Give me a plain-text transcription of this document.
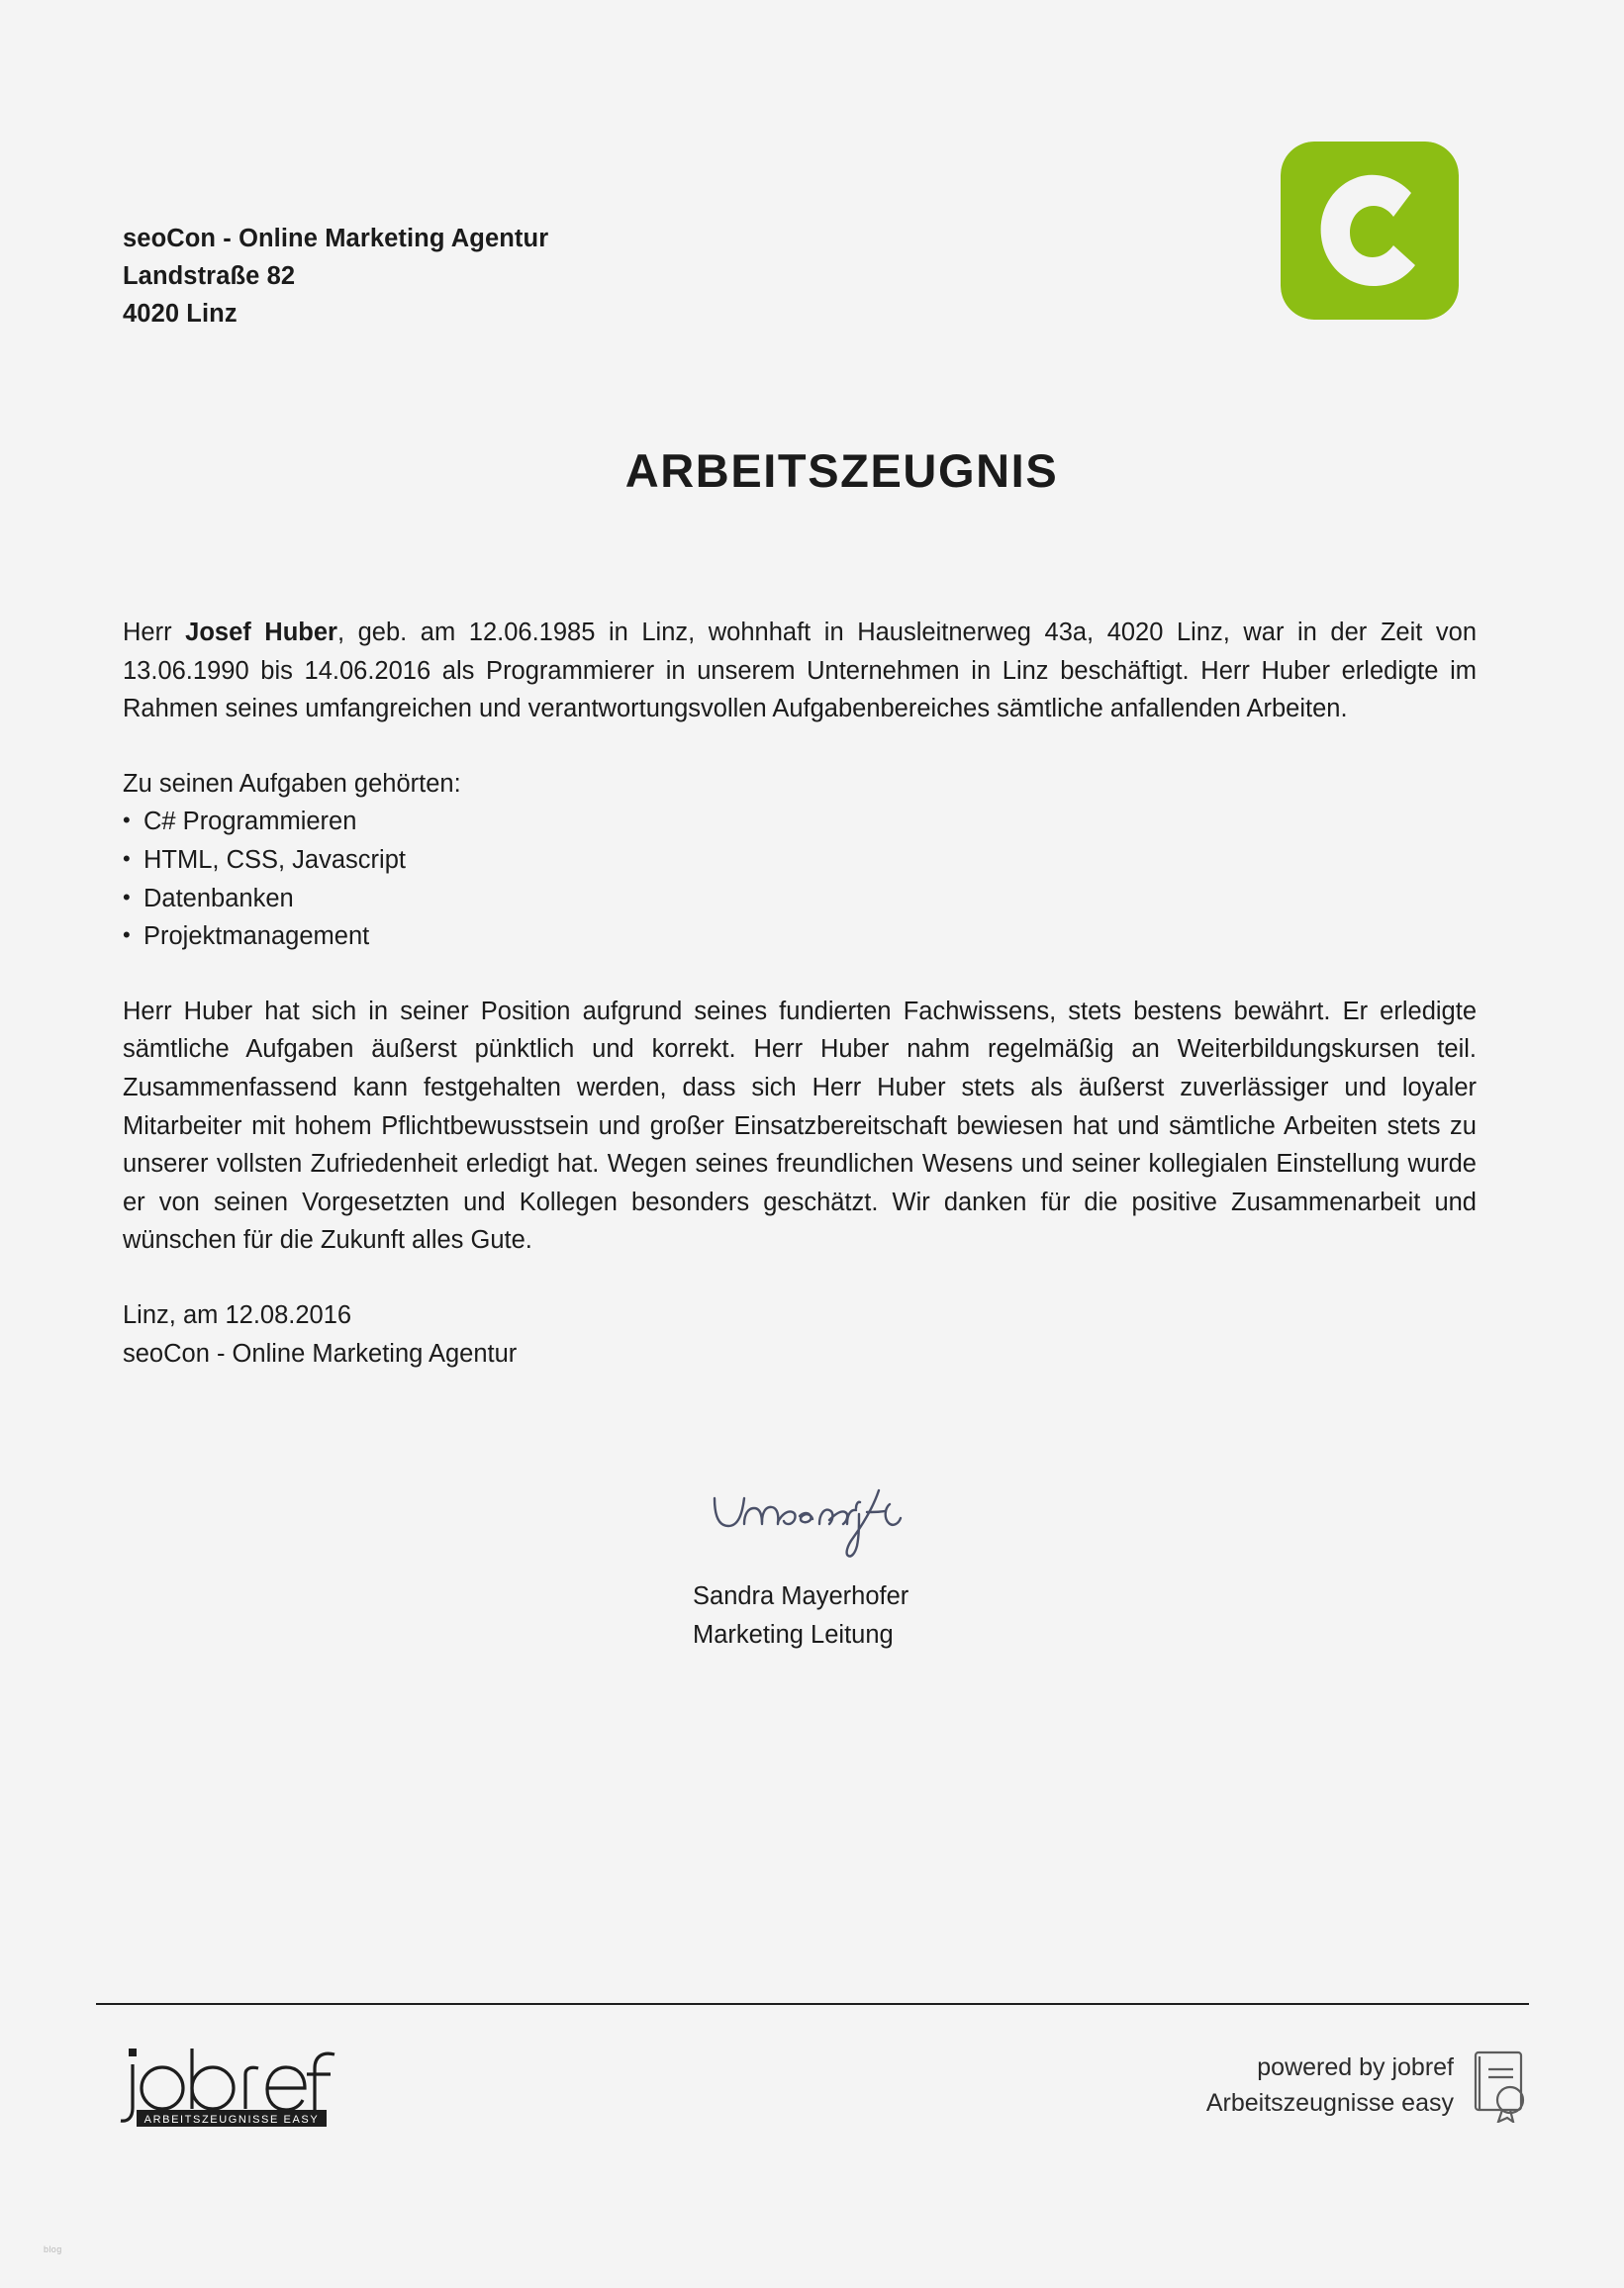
seoCon - Online Marketing Agentur
Landstraße 82
4020 Linz
ARBEITSZEUGNIS

Herr Josef Huber, geb. am 12.06.1985 in Linz, wohnhaft in Hausleitnerweg 43a, 4020 Linz, war in der Zeit von 13.06.1990 bis 14.06.2016 als Programmierer in unserem Unternehmen in Linz beschäftigt. Herr Huber erledigte im Rahmen seines umfangreichen und verantwortungsvollen Aufgabenbereiches sämtliche anfallenden Arbeiten.

Zu seinen Aufgaben gehörten:

• C# Programmieren
• HTML, CSS, Javascript
• Datenbanken
• Projektmanagement

Herr Huber hat sich in seiner Position aufgrund seines fundierten Fachwissens, stets bestens bewährt. Er erledigte sämtliche Aufgaben äußerst pünktlich und korrekt. Herr Huber nahm regelmäßig an Weiterbildungskursen teil. Zusammenfassend kann festgehalten werden, dass sich Herr Huber stets als äußerst zuverlässiger und loyaler Mitarbeiter mit hohem Pflichtbewusstsein und großer Einsatzbereitschaft bewiesen hat und sämtliche Arbeiten stets zu unserer vollsten Zufriedenheit erledigt hat. Wegen seines freundlichen Wesens und seiner kollegialen Einstellung wurde er von seinen Vorgesetzten und Kollegen besonders geschätzt. Wir danken für die positive Zusammenarbeit und wünschen für die Zukunft alles Gute.

Linz, am 12.08.2016

seoCon - Online Marketing Agentur

Sandra Mayerhofer
Marketing Leitung
ARBEITSZEUGNISSE EASY
powered by jobref
Arbeitszeugnisse easy
blog
